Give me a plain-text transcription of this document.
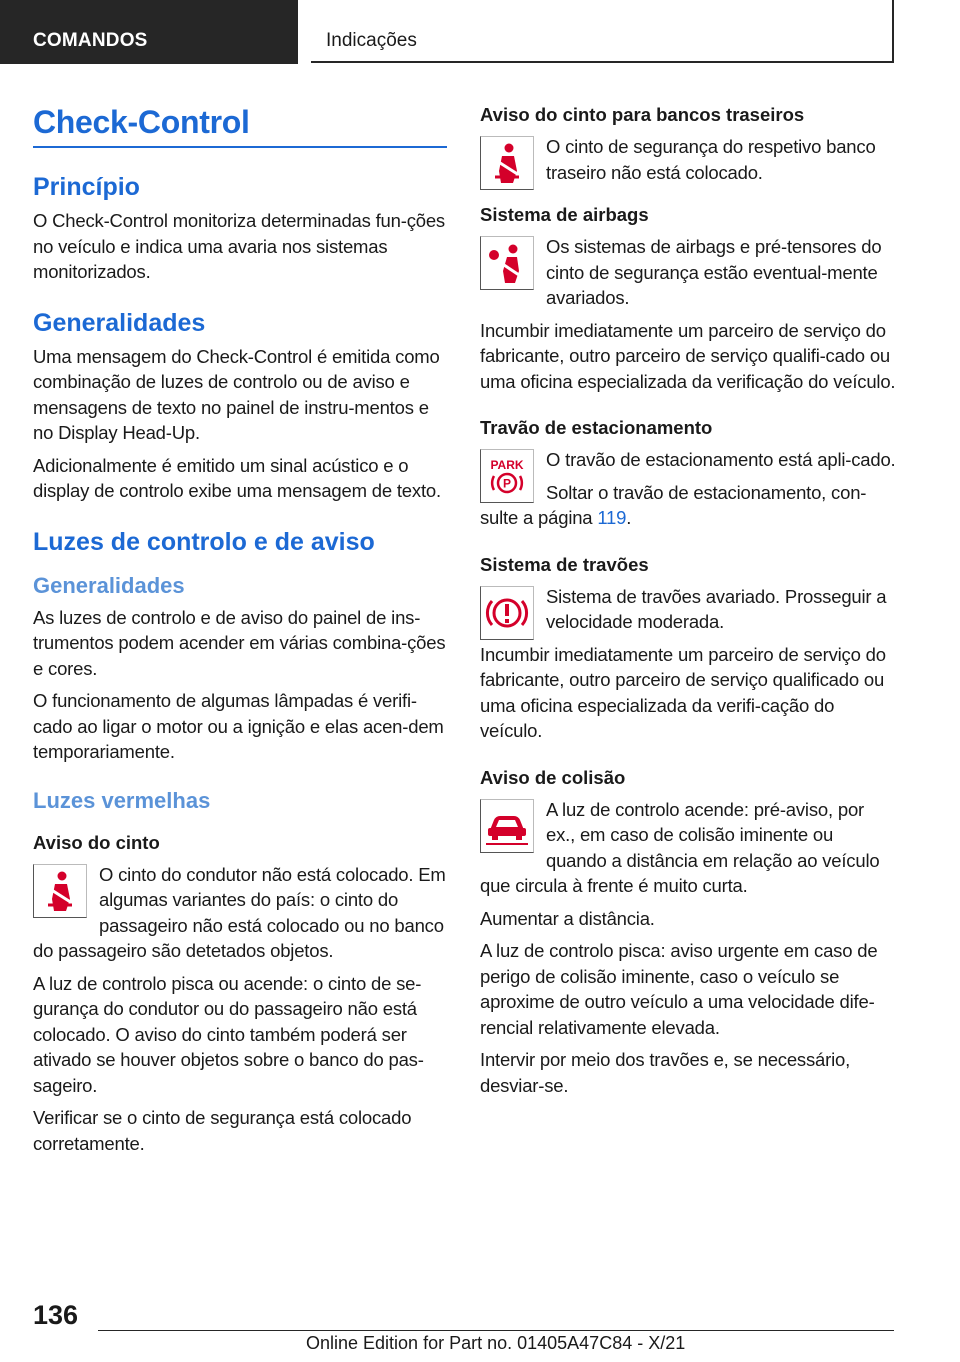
COMANDOS	Indicações
Check-Control
Princípio

O Check-Control monitoriza determinadas fun-ções no veículo e indica uma avaria nos sistemas monitorizados.

Generalidades

Uma mensagem do Check-Control é emitida como combinação de luzes de controlo ou de aviso e mensagens de texto no painel de instru-mentos e no Display Head-Up.

Adicionalmente é emitido um sinal acústico e o display de controlo exibe uma mensagem de texto.

Luzes de controlo e de aviso
Generalidades

As luzes de controlo e de aviso do painel de ins-trumentos podem acender em várias combina-ções e cores.

O funcionamento de algumas lâmpadas é verifi-cado ao ligar o motor ou a ignição e elas acen-dem temporariamente.

Luzes vermelhas
Aviso do cinto

O cinto do condutor não está colocado. Em algumas variantes do país: o cinto do passageiro não está colocado ou no banco do passageiro são detetados objetos.

A luz de controlo pisca ou acende: o cinto de se-gurança do condutor ou do passageiro não está colocado. O aviso do cinto também poderá ser ativado se houver objetos sobre o banco do pas-sageiro.

Verificar se o cinto de segurança está colocado corretamente.

Aviso do cinto para bancos traseiros

O cinto de segurança do respetivo banco traseiro não está colocado.

Sistema de airbags

Os sistemas de airbags e pré-tensores do cinto de segurança estão eventual-mente avariados.

Incumbir imediatamente um parceiro de serviço do fabricante, outro parceiro de serviço qualifi-cado ou uma oficina especializada da verificação do veículo.

Travão de estacionamento
PARK
P

O travão de estacionamento está apli-cado.

Soltar o travão de estacionamento, con-sulte a página 119.

Sistema de travões

Sistema de travões avariado. Prosseguir a velocidade moderada.

Incumbir imediatamente um parceiro de serviço do fabricante, outro parceiro de serviço qualificado ou uma oficina especializada da verifi-cação do veículo.

Aviso de colisão

A luz de controlo acende: pré-aviso, por ex., em caso de colisão iminente ou quando a distância em relação ao veículo que circula à frente é muito curta.

Aumentar a distância.

A luz de controlo pisca: aviso urgente em caso de perigo de colisão iminente, caso o veículo se aproxime de outro veículo a uma velocidade dife-rencial relativamente elevada.

Intervir por meio dos travões e, se necessário, desviar-se.

136
Online Edition for Part no. 01405A47C84 - X/21
